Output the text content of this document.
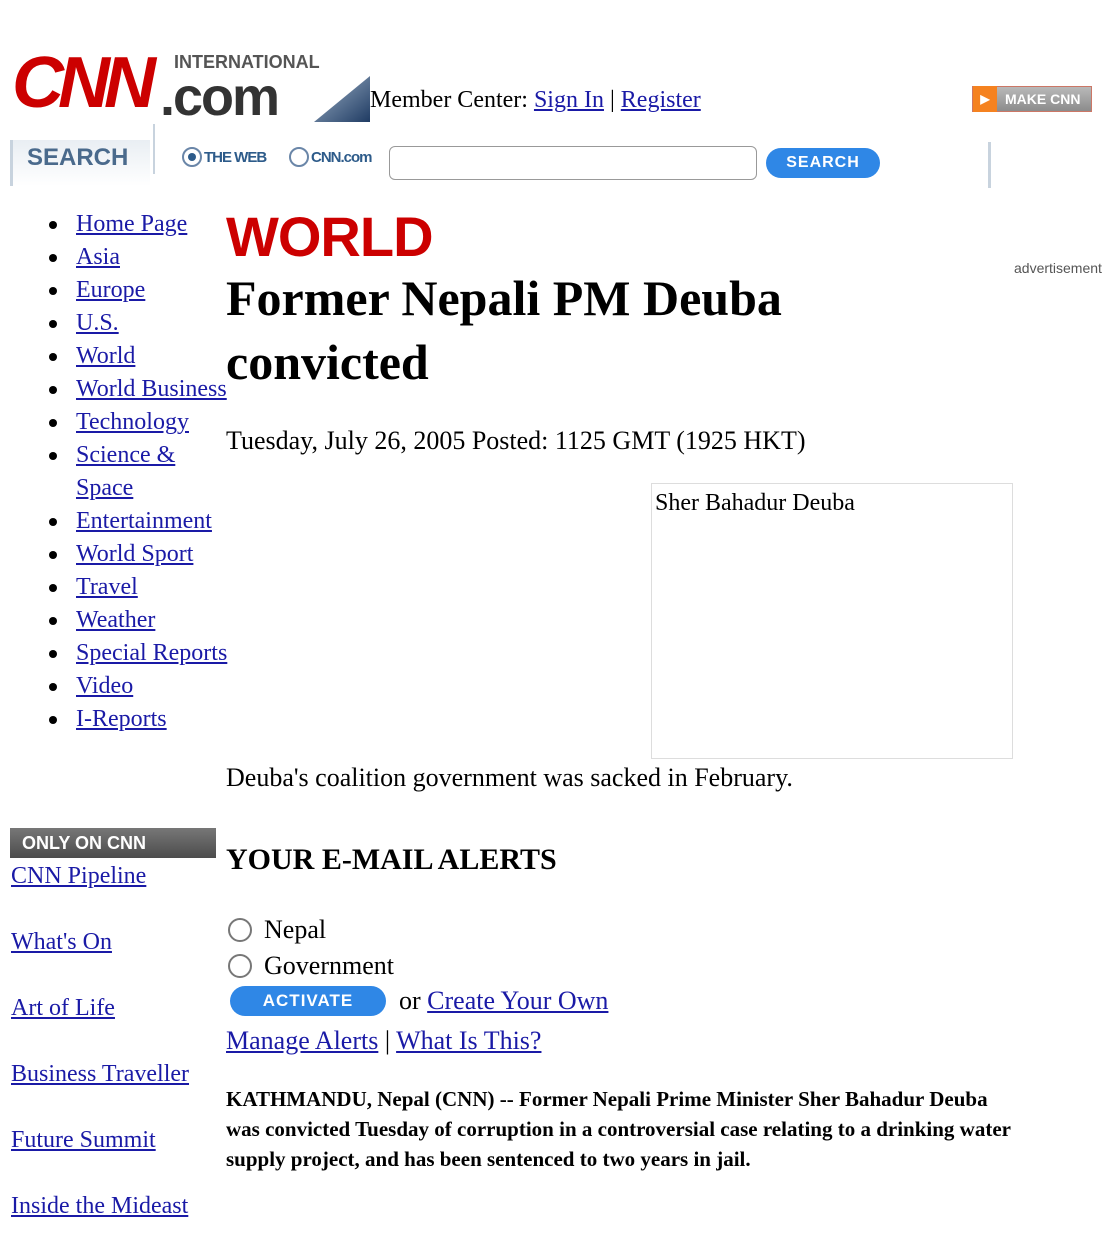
CNN INTERNATIONAL
.com	Member Center: Sign In | Register	▶	MAKE CNN
SEARCH	THE WEB	CNN.com	SEARCH
Home Page
Asia
Europe
U.S.
World
World Business
Technology
Science & Space
Entertainment
World Sport
Travel
Weather
Special Reports
Video
I-Reports
ONLY ON CNN
CNN Pipeline
What's On
Art of Life
Business Traveller
Future Summit
Inside the Mideast
WORLD
Former Nepali PM Deuba convicted
Tuesday, July 26, 2005 Posted: 1125 GMT (1925 HKT)
Sher Bahadur Deuba
Deuba's coalition government was sacked in February.
YOUR E-MAIL ALERTS
Nepal
Government
ACTIVATE	or
Create Your Own
Manage Alerts | What Is This?
KATHMANDU, Nepal (CNN) -- Former Nepali Prime Minister Sher Bahadur Deuba was convicted Tuesday of corruption in a controversial case relating to a drinking water supply project, and has been sentenced to two years in jail.
advertisement
